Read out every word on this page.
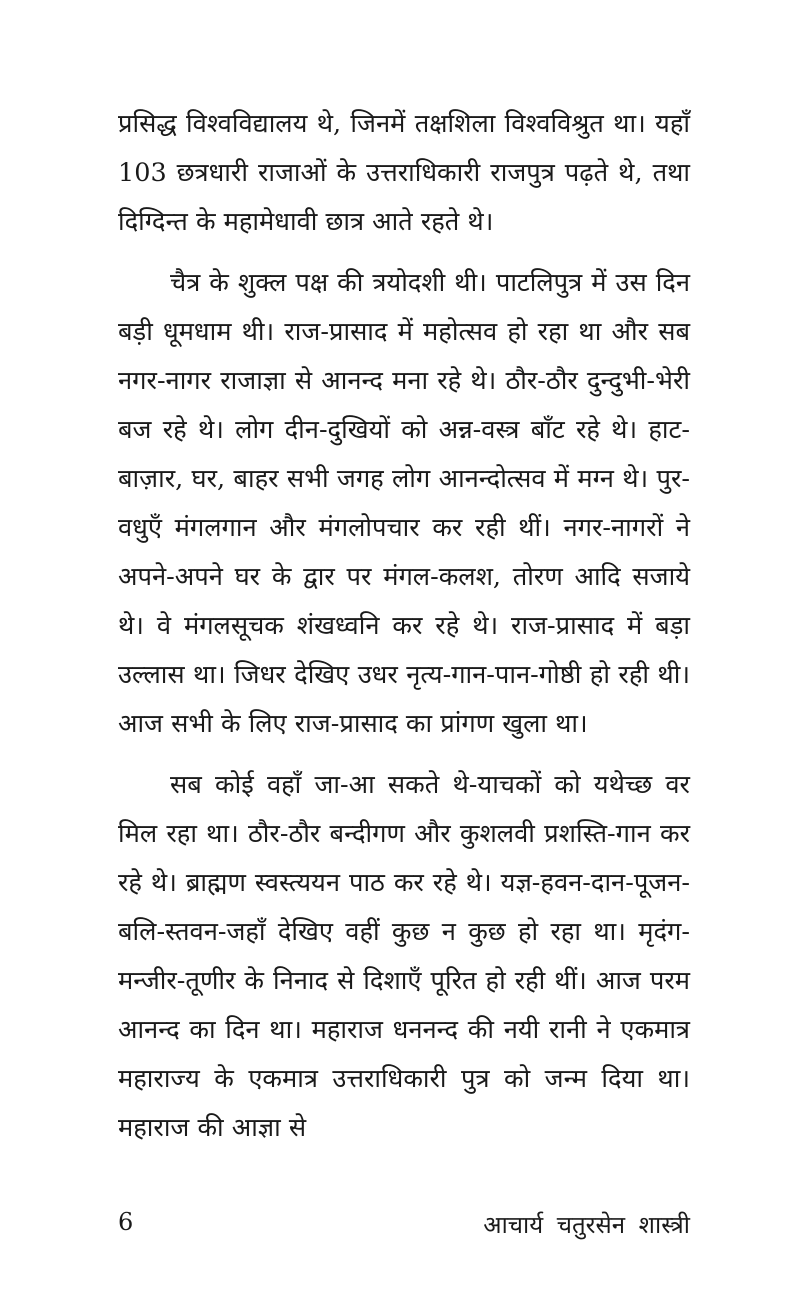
प्रसिद्ध विश्वविद्यालय थे, जिनमें तक्षशिला विश्वविश्रुत था। यहाँ 103 छत्रधारी राजाओं के उत्तराधिकारी राजपुत्र पढ़ते थे, तथा दिग्दिन्त के महामेधावी छात्र आते रहते थे।

चैत्र के शुक्ल पक्ष की त्रयोदशी थी। पाटलिपुत्र में उस दिन बड़ी धूमधाम थी। राज-प्रासाद में महोत्सव हो रहा था और सब नगर-नागर राजाज्ञा से आनन्द मना रहे थे। ठौर-ठौर दुन्दुभी-भेरी बज रहे थे। लोग दीन-दुखियों को अन्न-वस्त्र बाँट रहे थे। हाट-बाज़ार, घर, बाहर सभी जगह लोग आनन्दोत्सव में मग्न थे। पुर-वधुएँ मंगलगान और मंगलोपचार कर रही थीं। नगर-नागरों ने अपने-अपने घर के द्वार पर मंगल-कलश, तोरण आदि सजाये थे। वे मंगलसूचक शंखध्वनि कर रहे थे। राज-प्रासाद में बड़ा उल्लास था। जिधर देखिए उधर नृत्य-गान-पान-गोष्ठी हो रही थी। आज सभी के लिए राज-प्रासाद का प्रांगण खुला था।

सब कोई वहाँ जा-आ सकते थे-याचकों को यथेच्छ वर मिल रहा था। ठौर-ठौर बन्दीगण और कुशलवी प्रशस्ति-गान कर रहे थे। ब्राह्मण स्वस्त्ययन पाठ कर रहे थे। यज्ञ-हवन-दान-पूजन-बलि-स्तवन-जहाँ देखिए वहीं कुछ न कुछ हो रहा था। मृदंग-मन्जीर-तूणीर के निनाद से दिशाएँ पूरित हो रही थीं। आज परम आनन्द का दिन था। महाराज धननन्द की नयी रानी ने एकमात्र महाराज्य के एकमात्र उत्तराधिकारी पुत्र को जन्म दिया था। महाराज की आज्ञा से

6	आचार्य चतुरसेन शास्त्री
